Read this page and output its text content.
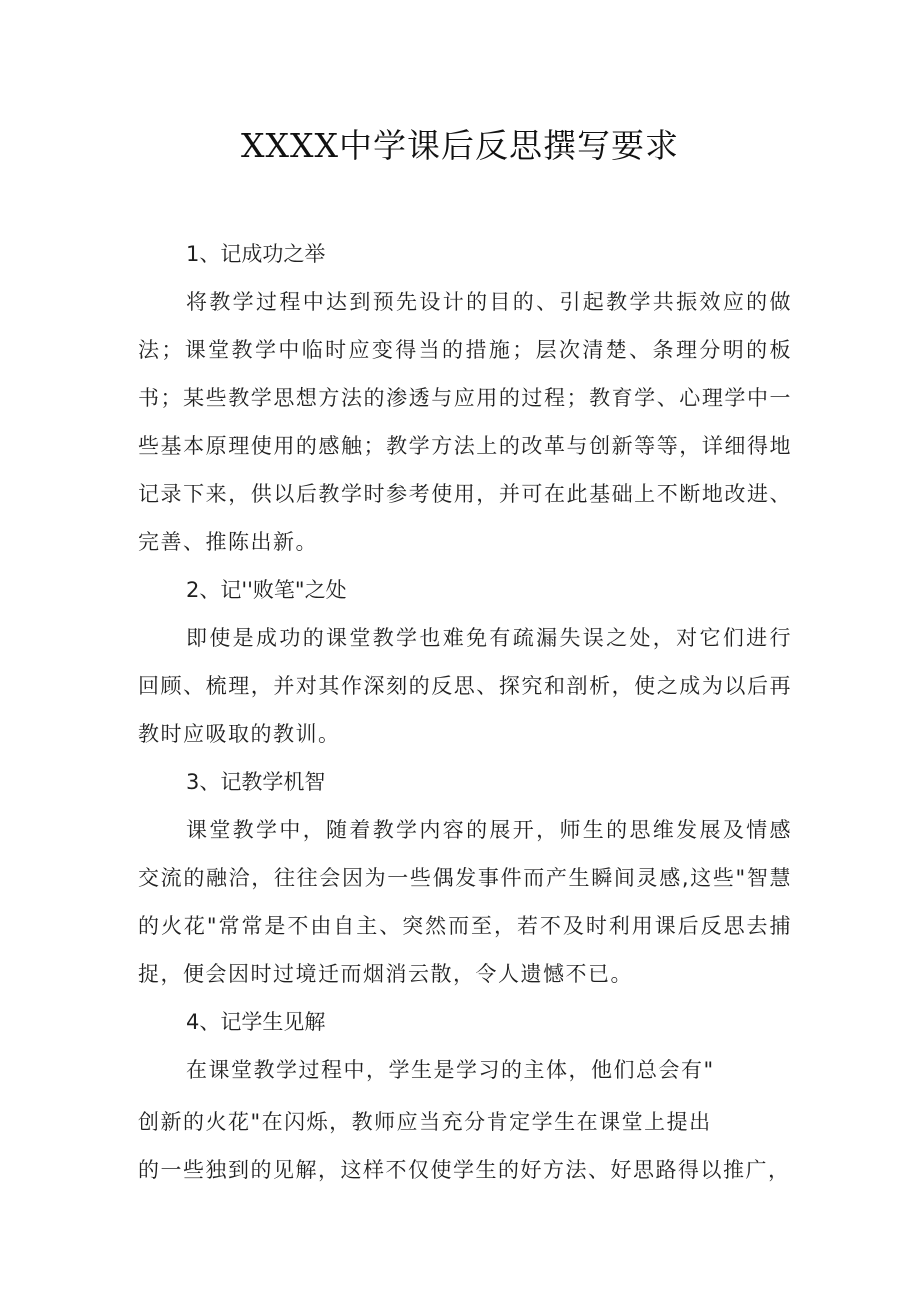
XXXX中学课后反思撰写要求

1、记成功之举

将教学过程中达到预先设计的目的、引起教学共振效应的做法；课堂教学中临时应变得当的措施；层次清楚、条理分明的板书；某些教学思想方法的渗透与应用的过程；教育学、心理学中一些基本原理使用的感触；教学方法上的改革与创新等等，详细得地记录下来，供以后教学时参考使用，并可在此基础上不断地改进、完善、推陈出新。

2、记''败笔"之处

即使是成功的课堂教学也难免有疏漏失误之处，对它们进行回顾、梳理，并对其作深刻的反思、探究和剖析，使之成为以后再教时应吸取的教训。

3、记教学机智

课堂教学中，随着教学内容的展开，师生的思维发展及情感交流的融洽，往往会因为一些偶发事件而产生瞬间灵感,这些"智慧的火花"常常是不由自主、突然而至，若不及时利用课后反思去捕捉，便会因时过境迁而烟消云散，令人遗憾不已。

4、记学生见解

在课堂教学过程中，学生是学习的主体，他们总会有"

创新的火花"在闪烁，教师应当充分肯定学生在课堂上提出

的一些独到的见解，这样不仅使学生的好方法、好思路得以推广，
